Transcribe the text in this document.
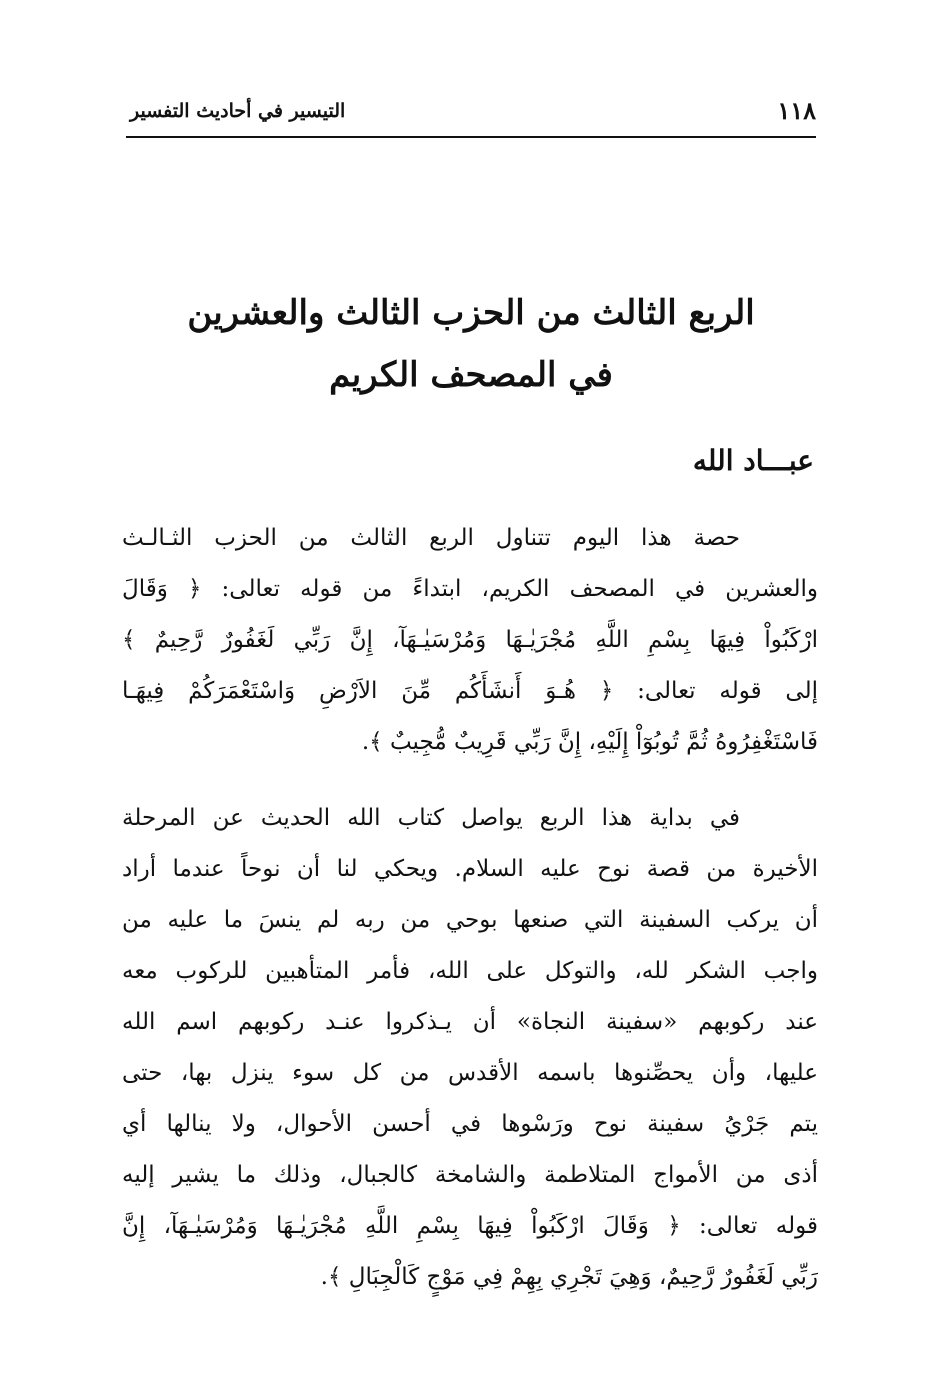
١١٨
التيسير في أحاديث التفسير
الربع الثالث من الحزب الثالث والعشرين
في المصحف الكريم
عبـــاد الله
حصة هذا اليوم تتناول الربع الثالث من الحزب الثـالـث
والعشرين في المصحف الكريم، ابتداءً من قوله تعالى: ﴿ وَقَالَ
ارْكَبُواْ فِيهَا بِسْمِ اللَّهِ مُجْرَيٰـهَا وَمُرْسَيٰـهَآ، إِنَّ رَبِّي لَغَفُورٌ رَّحِيمٌ ﴾
إلى قوله تعالى: ﴿ هُـوَ أَنشَأَكُم مِّنَ الاَرْضِ وَاسْتَعْمَرَكُمْ فِيهَـا
فَاسْتَغْفِرُوهُ ثُمَّ تُوبُوٓاْ إِلَيْهِ، إِنَّ رَبِّي قَرِيبٌ مُّجِيبٌ ﴾.
في بداية هذا الربع يواصل كتاب الله الحديث عن المرحلة
الأخيرة من قصة نوح عليه السلام. ويحكي لنا أن نوحاً عندما أراد
أن يركب السفينة التي صنعها بوحي من ربه لم ينسَ ما عليه من
واجب الشكر لله، والتوكل على الله، فأمر المتأهبين للركوب معه
عند ركوبهم «سفينة النجاة» أن يـذكروا عنـد ركوبهم اسم الله
عليها، وأن يحصِّنوها باسمه الأقدس من كل سوء ينزل بها، حتى
يتم جَرْيُ سفينة نوح ورَسْوها في أحسن الأحوال، ولا ينالها أي
أذى من الأمواج المتلاطمة والشامخة كالجبال، وذلك ما يشير إليه
قوله تعالى: ﴿ وَقَالَ ارْكَبُواْ فِيهَا بِسْمِ اللَّهِ مُجْرَيٰـهَا وَمُرْسَيٰـهَآ، إِنَّ
رَبِّي لَغَفُورٌ رَّحِيمٌ، وَهِيَ تَجْرِي بِهِمْ فِي مَوْجٍ كَالْجِبَالِ ﴾.
